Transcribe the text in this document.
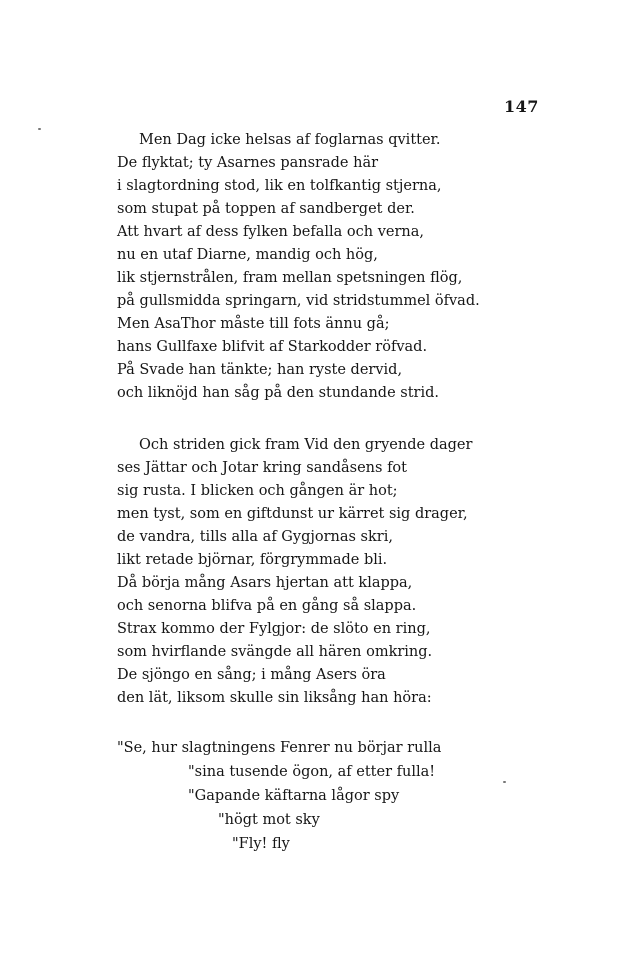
147
Men Dag icke helsas af foglarnas qvitter.
De flyktat; ty Asarnes pansrade här
i slagtordning stod, lik en tolfkantig stjerna,
som stupat på toppen af sandberget der.
Att hvart af dess fylken befalla och verna,
nu en utaf Diarne, mandig och hög,
lik stjernstrålen, fram mellan spetsningen flög,
på gullsmidda springarn, vid stridstummel öfvad.
Men AsaThor måste till fots ännu gå;
hans Gullfaxe blifvit af Starkodder röfvad.
På Svade han tänkte; han ryste dervid,
och liknöjd han såg på den stundande strid.
Och striden gick fram Vid den gryende dager
ses Jättar och Jotar kring sandåsens fot
sig rusta. I blicken och gången är hot;
men tyst, som en giftdunst ur kärret sig drager,
de vandra, tills alla af Gygjornas skri,
likt retade björnar, förgrymmade bli.
Då börja mång Asars hjertan att klappa,
och senorna blifva på en gång så slappa.
Strax kommo der Fylgjor: de slöto en ring,
som hvirflande svängde all hären omkring.
De sjöngo en sång; i mång Asers öra
den lät, liksom skulle sin liksång han höra:
"Se, hur slagtningens Fenrer nu börjar rulla
"sina tusende ögon, af etter fulla!
"Gapande käftarna lågor spy
"högt mot sky
"Fly! fly
